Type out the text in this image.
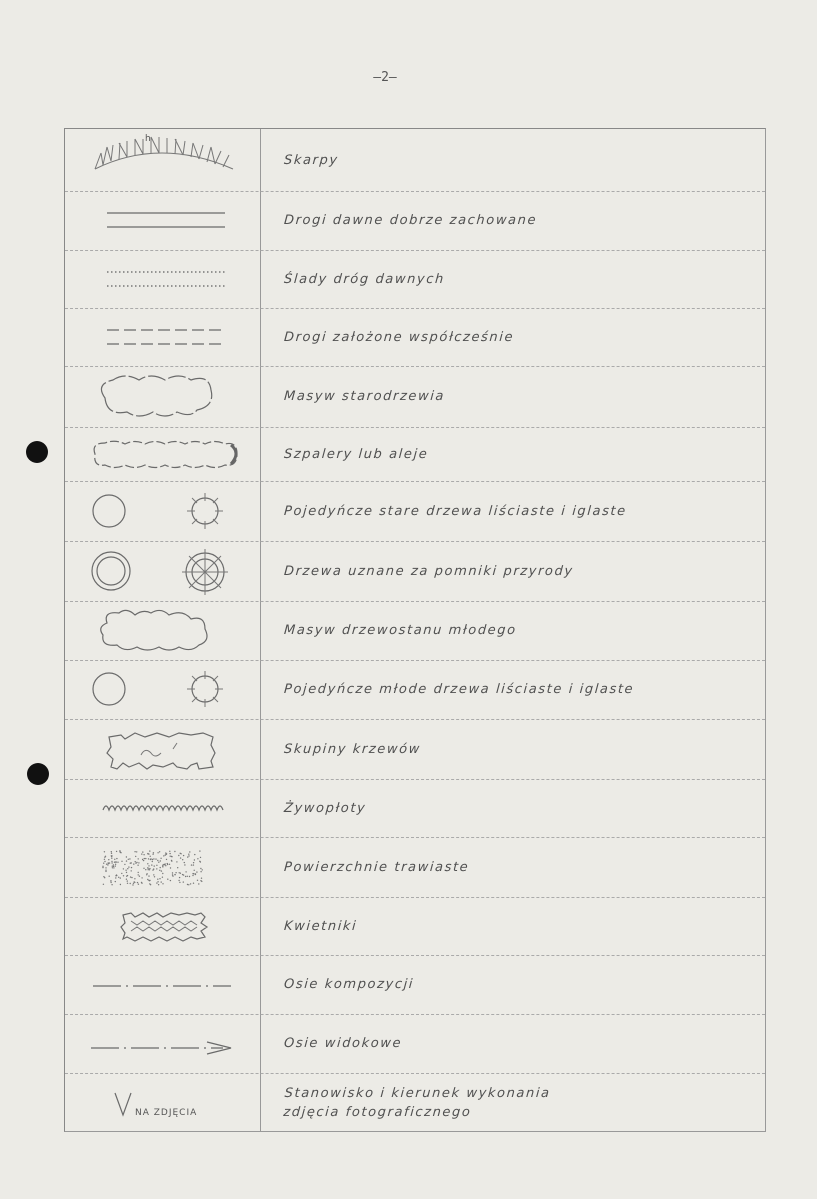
–2–
h
Skarpy
Drogi dawne dobrze zachowane
Ślady dróg dawnych
Drogi założone współcześnie
Masyw starodrzewia
Szpalery lub aleje
Pojedyńcze stare drzewa liściaste i iglaste
Drzewa uznane za pomniki przyrody
Masyw drzewostanu młodego
Pojedyńcze młode drzewa liściaste i iglaste
Skupiny krzewów
Żywopłoty
Powierzchnie trawiaste
Kwietniki
Osie kompozycji
Osie widokowe
NA ZDJĘCIA
Stanowisko i kierunek wykonania
zdjęcia fotograficznego
